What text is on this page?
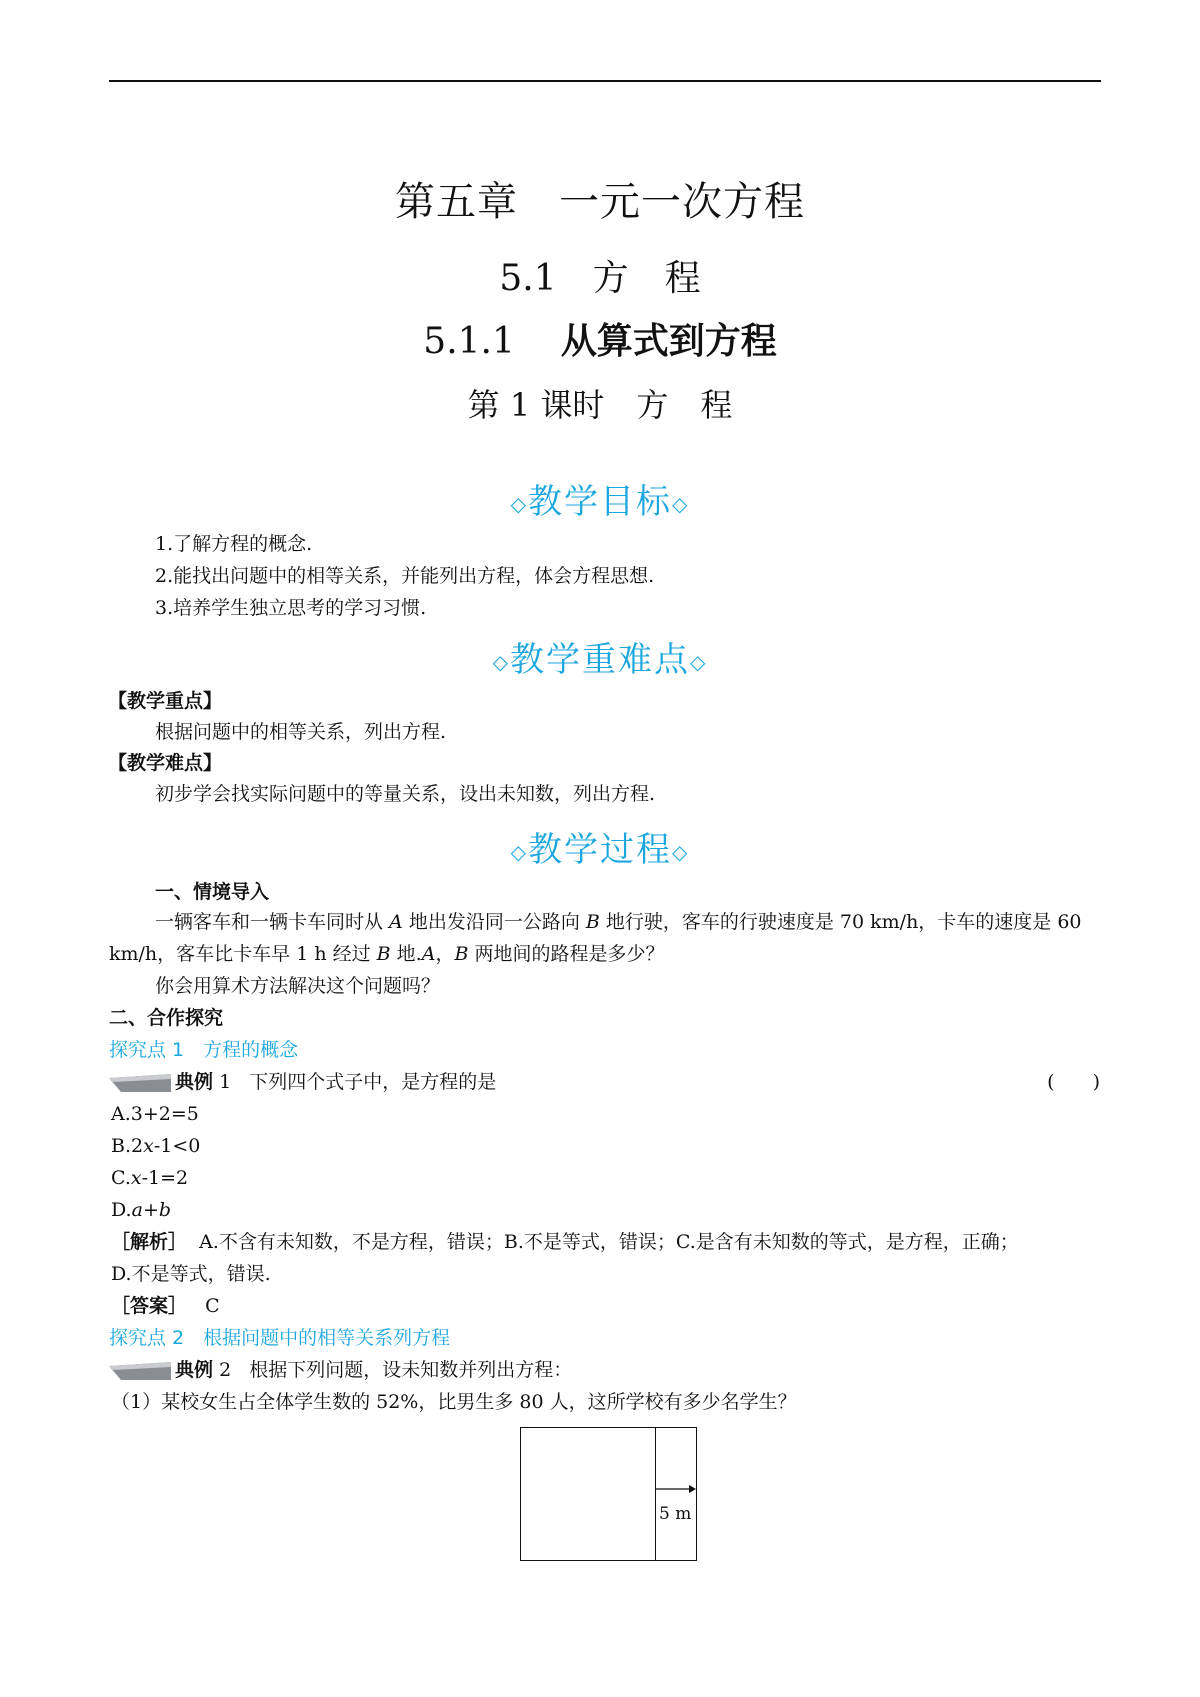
第五章　一元一次方程
5.1　方　程
5.1.1 从算式到方程
第 1 课时　方　程
◇教学目标◇
1.了解方程的概念.
2.能找出问题中的相等关系，并能列出方程，体会方程思想.
3.培养学生独立思考的学习习惯.
◇教学重难点◇
【教学重点】
根据问题中的相等关系，列出方程.
【教学难点】
初步学会找实际问题中的等量关系，设出未知数，列出方程.
◇教学过程◇
一、情境导入
一辆客车和一辆卡车同时从 A 地出发沿同一公路向 B 地行驶，客车的行驶速度是 70 km/h，卡车的速度是 60 km/h，客车比卡车早 1 h 经过 B 地.A，B 两地间的路程是多少？
你会用算术方法解决这个问题吗？
二、合作探究
探究点 1　方程的概念
典例 1 下列四个式子中，是方程的是	(　　)
A.3+2=5
B.2x-1<0
C.x-1=2
D.a+b
［解析］ A.不含有未知数，不是方程，错误；B.不是等式，错误；C.是含有未知数的等式，是方程，正确；
D.不是等式，错误.
［答案］ C
探究点 2　根据问题中的相等关系列方程
典例 2 根据下列问题，设未知数并列出方程：
（1）某校女生占全体学生数的 52%，比男生多 80 人，这所学校有多少名学生？
5 m
